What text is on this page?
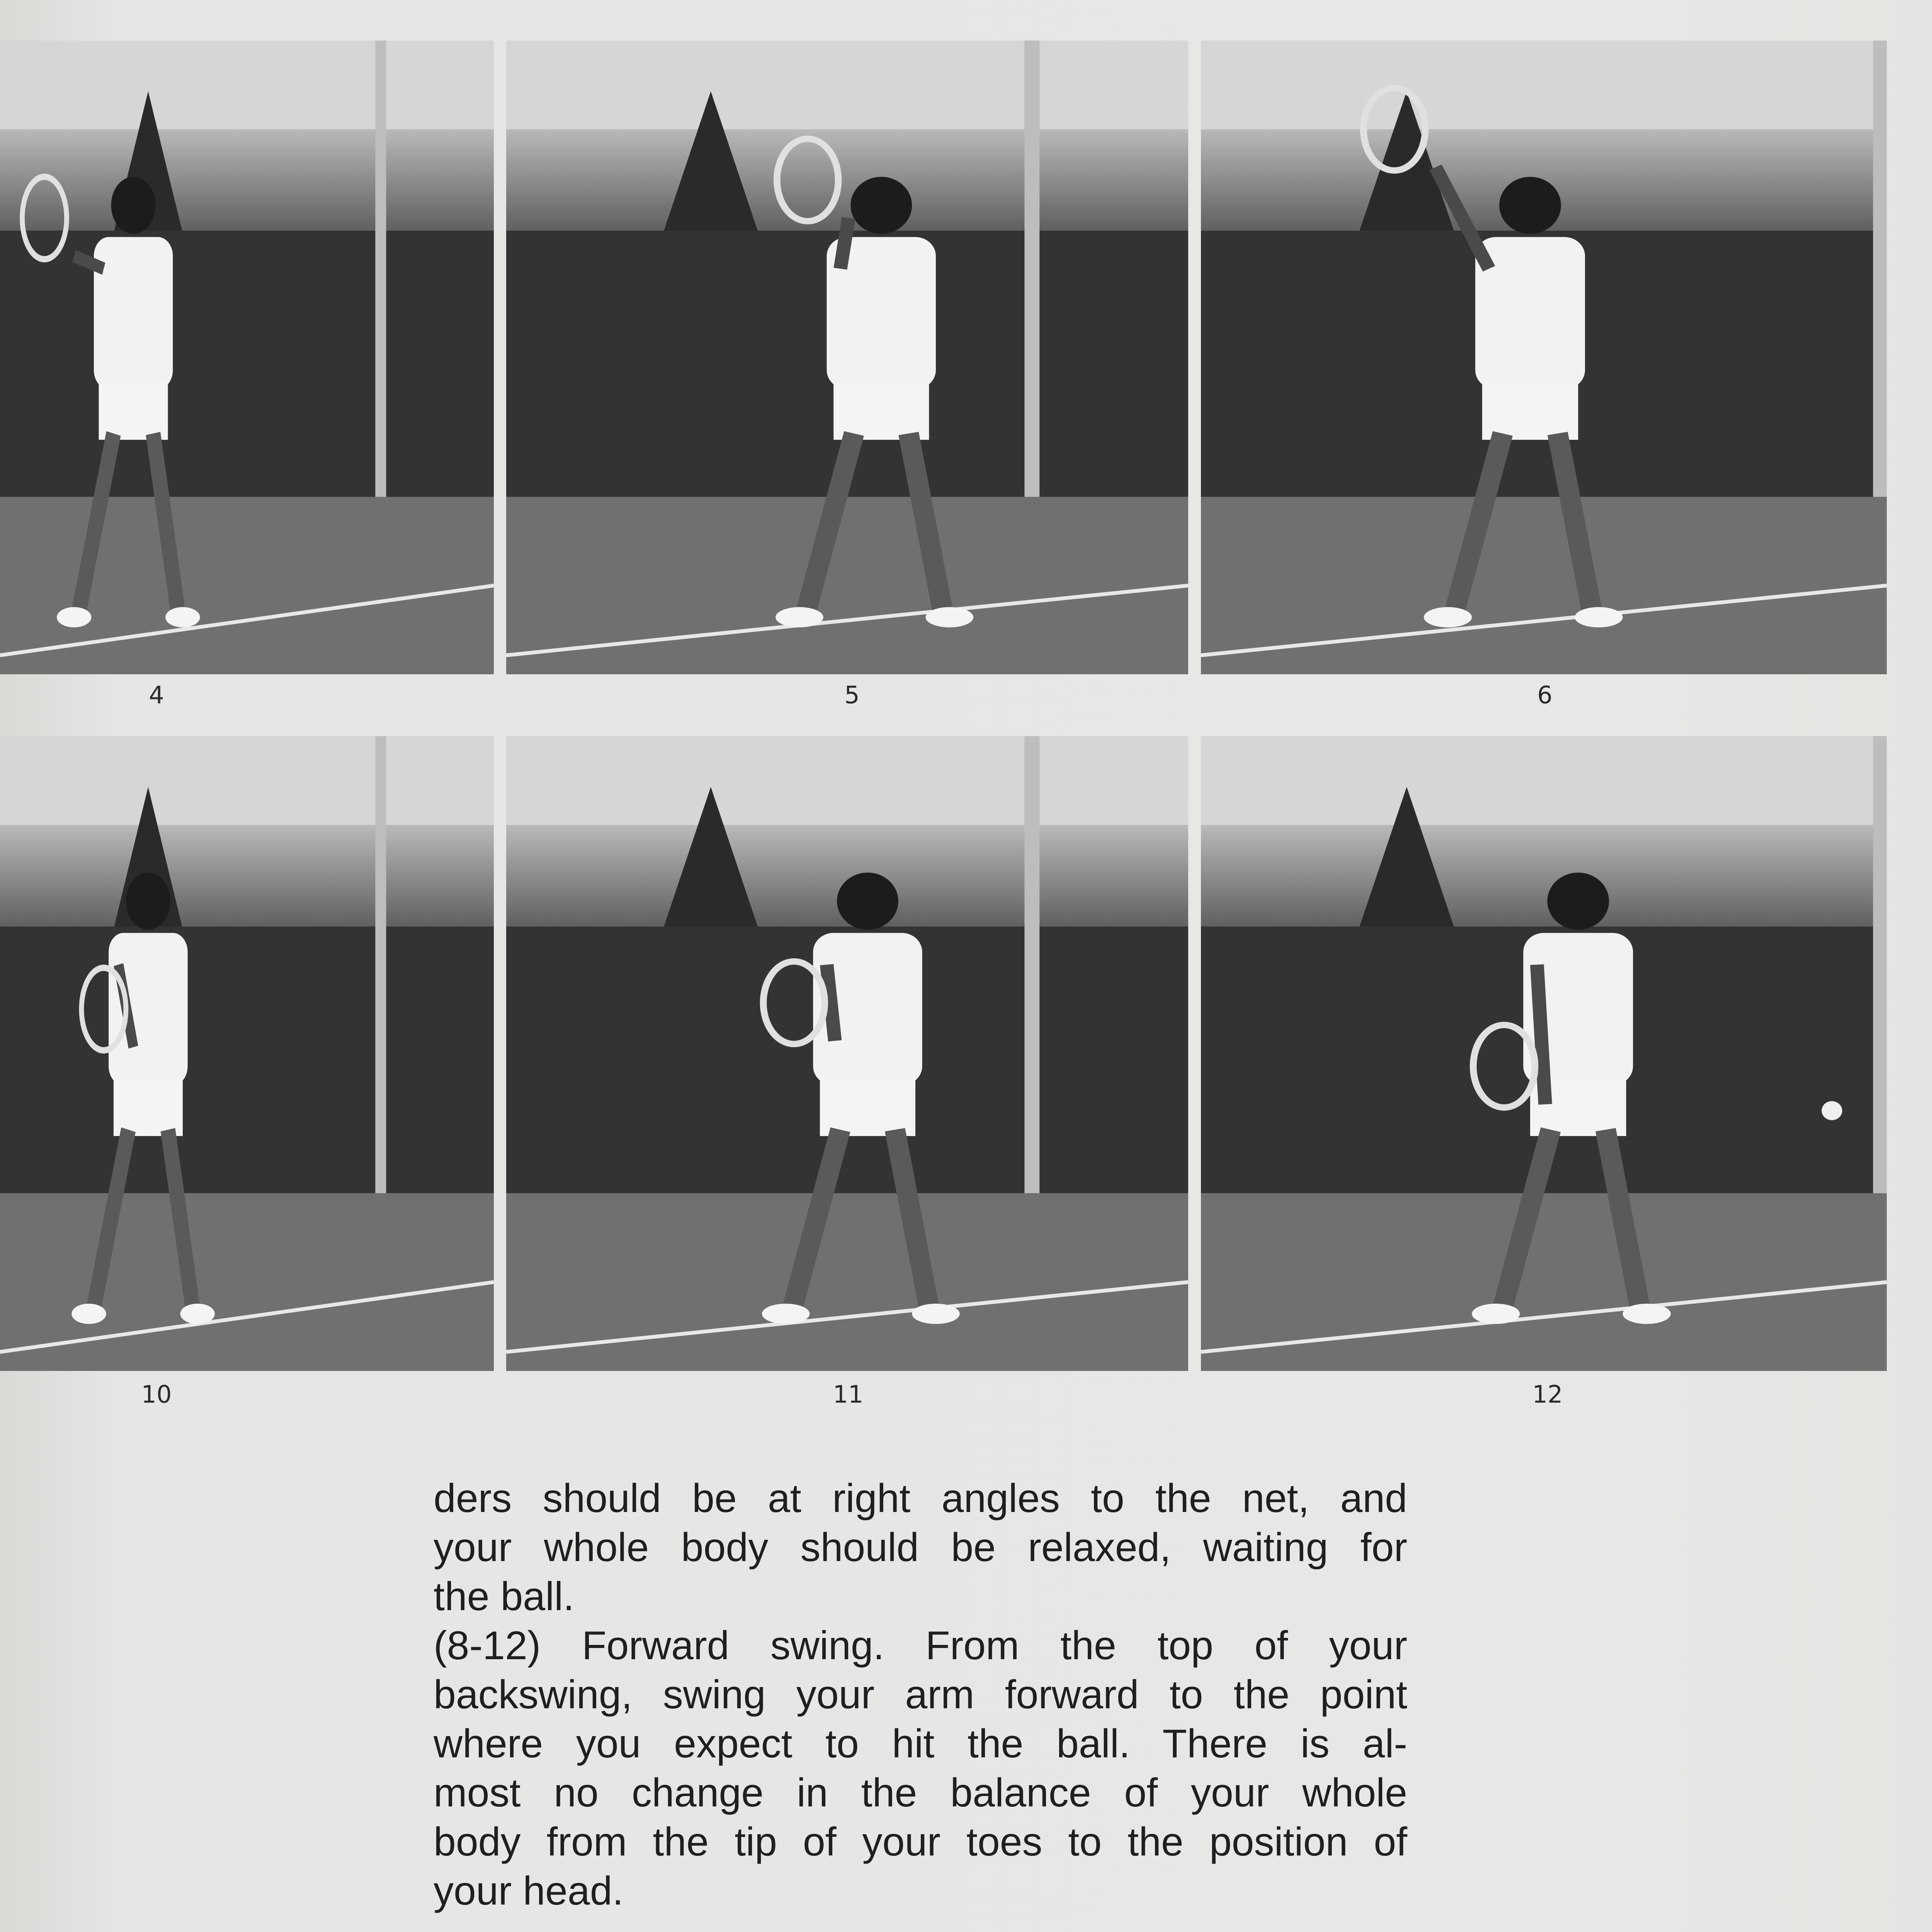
4	5	6
10	11	12

ders should be at right angles to the net, and

your whole body should be relaxed, waiting for

the ball.

(8-12) Forward swing. From the top of your

backswing, swing your arm forward to the point

where you expect to hit the ball. There is al-

most no change in the balance of your whole

body from the tip of your toes to the position of

your head.
